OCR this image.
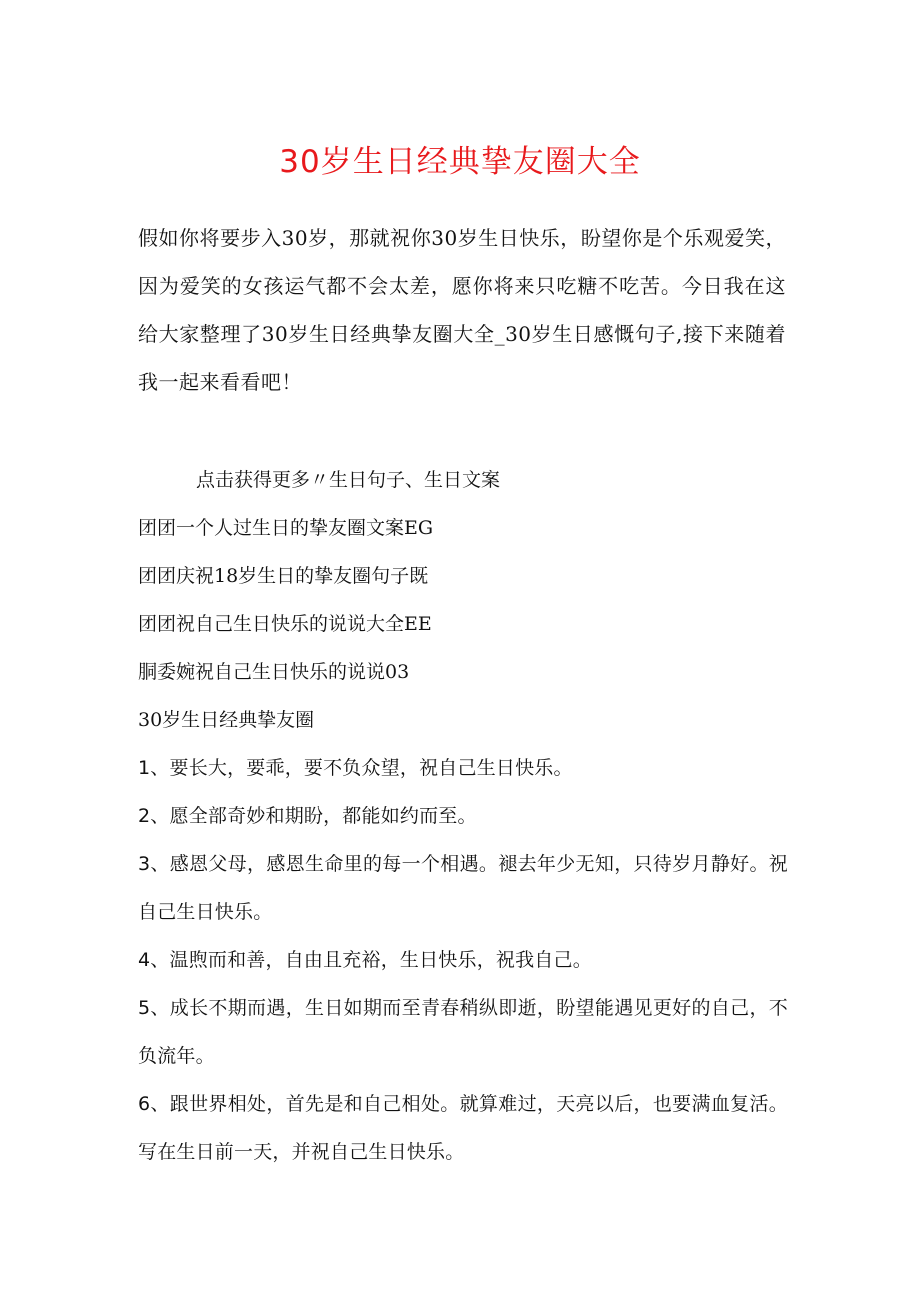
30岁生日经典挚友圈大全
假如你将要步入30岁，那就祝你30岁生日快乐，盼望你是个乐观爱笑，因为爱笑的女孩运气都不会太差，愿你将来只吃糖不吃苦。今日我在这给大家整理了30岁生日经典挚友圈大全_30岁生日感慨句子,接下来随着我一起来看看吧！
点击获得更多〃生日句子、生日文案
团团一个人过生日的挚友圈文案EG
团团庆祝18岁生日的挚友圈句子既
团团祝自己生日快乐的说说大全EE
胴委婉祝自己生日快乐的说说03
30岁生日经典挚友圈
1、要长大，要乖，要不负众望，祝自己生日快乐。
2、愿全部奇妙和期盼，都能如约而至。
3、感恩父母，感恩生命里的每一个相遇。褪去年少无知，只待岁月静好。祝自己生日快乐。
4、温煦而和善，自由且充裕，生日快乐，祝我自己。
5、成长不期而遇，生日如期而至青春稍纵即逝，盼望能遇见更好的自己，不负流年。
6、跟世界相处，首先是和自己相处。就算难过，天亮以后，也要满血复活。写在生日前一天，并祝自己生日快乐。
